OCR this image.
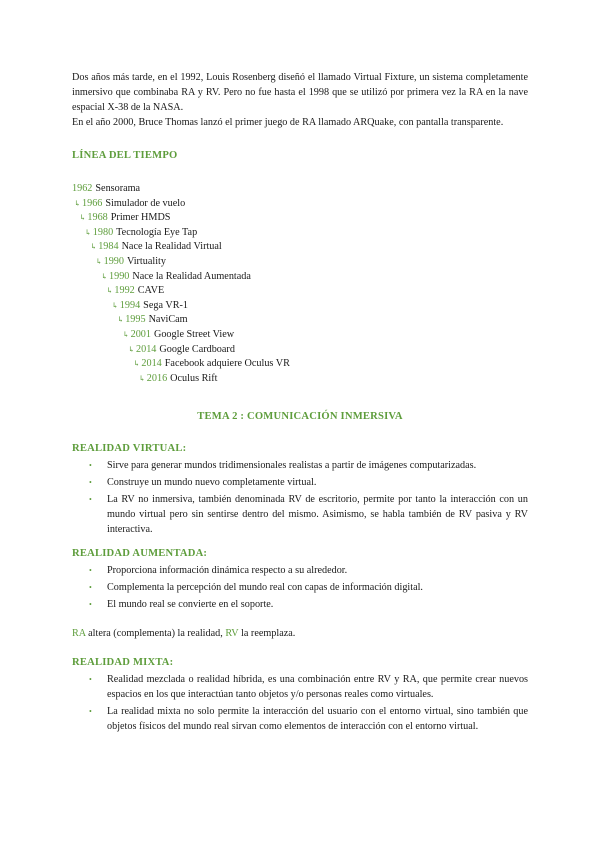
Dos años más tarde, en el 1992, Louis Rosenberg diseñó el llamado Virtual Fixture, un sistema completamente inmersivo que combinaba RA y RV. Pero no fue hasta el 1998 que se utilizó por primera vez la RA en la nave espacial X-38 de la NASA.

En el año 2000, Bruce Thomas lanzó el primer juego de RA llamado ARQuake, con pantalla transparente.

LÍNEA DEL TIEMPO
1962 Sensorama
↳1966 Simulador de vuelo
↳1968 Primer HMDS
↳1980 Tecnología Eye Tap
↳1984 Nace la Realidad Virtual
↳1990 Virtuality
↳1990 Nace la Realidad Aumentada
↳1992 CAVE
↳1994 Sega VR-1
↳1995 NaviCam
↳2001 Google Street View
↳2014 Google Cardboard
↳2014 Facebook adquiere Oculus VR
↳2016 Oculus Rift
TEMA 2 : COMUNICACIÓN INMERSIVA
REALIDAD VIRTUAL:
• Sirve para generar mundos tridimensionales realistas a partir de imágenes computarizadas.
• Construye un mundo nuevo completamente virtual.
• La RV no inmersiva, también denominada RV de escritorio, permite por tanto la interacción con un mundo virtual pero sin sentirse dentro del mismo. Asimismo, se habla también de RV pasiva y RV interactiva.
REALIDAD AUMENTADA:
• Proporciona información dinámica respecto a su alrededor.
• Complementa la percepción del mundo real con capas de información digital.
• El mundo real se convierte en el soporte.

RA altera (complementa) la realidad, RV la reemplaza.

REALIDAD MIXTA:
• Realidad mezclada o realidad híbrida, es una combinación entre RV y RA, que permite crear nuevos espacios en los que interactúan tanto objetos y/o personas reales como virtuales.
• La realidad mixta no solo permite la interacción del usuario con el entorno virtual, sino también que objetos físicos del mundo real sirvan como elementos de interacción con el entorno virtual.
